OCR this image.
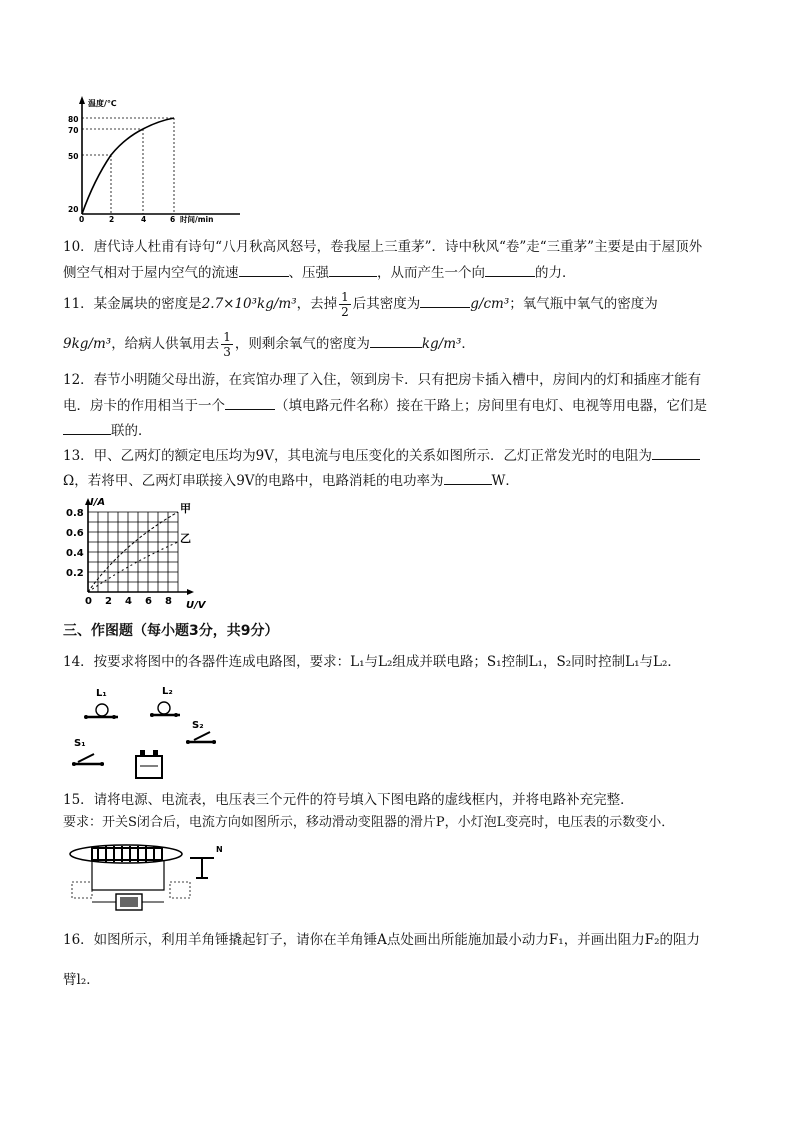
温度/℃
时间/min
80
70
50
20
0	2	4	6
10．唐代诗人杜甫有诗句“八月秋高风怒号，卷我屋上三重茅”．诗中秋风“卷”走“三重茅”主要是由于屋顶外
侧空气相对于屋内空气的流速	、压强	，从而产生一个向	的力．
11．某金属块的密度是2.7×10³kg/m³，去掉 $\frac{1}{2}$ 后其密度为	g/cm³；氧气瓶中氧气的密度为
9kg/m³，给病人供氧用去 $\frac{1}{3}$ ，则剩余氧气的密度为	kg/m³．
12．春节小明随父母出游，在宾馆办理了入住，领到房卡．只有把房卡插入槽中，房间内的灯和插座才能有
电．房卡的作用相当于一个	（填电路元件名称）接在干路上；房间里有电灯、电视等用电器，它们是
联的．
13．甲、乙两灯的额定电压均为9V，其电流与电压变化的关系如图所示．乙灯正常发光时的电阻为
Ω，若将甲、乙两灯串联接入9V的电路中，电路消耗的电功率为	W．
I/A
U/V
0.8
0.6
0.4
0.2
0 2 4 6 8
甲
乙
三、作图题（每小题3分，共9分）
14．按要求将图中的各器件连成电路图，要求：L₁与L₂组成并联电路；S₁控制L₁，S₂同时控制L₁与L₂．
L₁	L₂
S₂
S₁
15．请将电源、电流表，电压表三个元件的符号填入下图电路的虚线框内，并将电路补充完整．
要求：开关S闭合后，电流方向如图所示，移动滑动变阻器的滑片P，小灯泡L变亮时，电压表的示数变小．
N
16．如图所示，利用羊角锤撬起钉子，请你在羊角锤A点处画出所能施加最小动力F₁，并画出阻力F₂的阻力
臂l₂．
